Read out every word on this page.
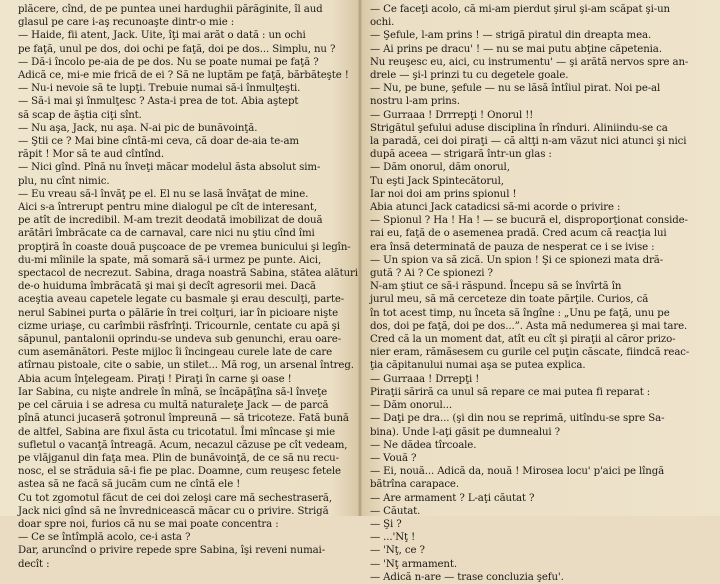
plăcere, cînd, de pe puntea unei hardughii părăginite, îl aud

glasul pe care i-aş recunoaşte dintr-o mie :

— Haide, fii atent, Jack. Uite, îţi mai arăt o dată : un ochi

pe faţă, unul pe dos, doi ochi pe faţă, doi pe dos... Simplu, nu ?

— Dă-i încolo pe-aia de pe dos. Nu se poate numai pe faţă ?

Adică ce, mi-e mie frică de ei ? Să ne luptăm pe faţă, bărbăteşte !

— Nu-i nevoie să te lupţi. Trebuie numai să-i înmulţeşti.

— Să-i mai şi înmulţesc ? Asta-i prea de tot. Abia aştept

să scap de ăştia ciţi sînt.

— Nu aşa, Jack, nu aşa. N-ai pic de bunăvoinţă.

— Ştii ce ? Mai bine cîntă-mi ceva, că doar de-aia te-am

răpit ! Mor să te aud cîntînd.

— Nici gînd. Pînă nu înveţi măcar modelul ăsta absolut sim-

plu, nu cînt nimic.

— Eu vreau să-l învăţ pe el. El nu se lasă învăţat de mine.

Aici s-a întrerupt pentru mine dialogul pe cît de interesant,

pe atît de incredibil. M-am trezit deodată imobilizat de două

arătări îmbrăcate ca de carnaval, care nici nu ştiu cînd îmi

propţiră în coaste două puşcoace de pe vremea bunicului şi legîn-

du-mi mîinile la spate, mă somară să-i urmez pe punte. Aici,

spectacol de necrezut. Sabina, draga noastră Sabina, stătea alături

de-o huiduma îmbrăcată şi mai şi decît agresorii mei. Dacă

aceştia aveau capetele legate cu basmale şi erau desculţi, parte-

nerul Sabinei purta o pălărie în trei colţuri, iar în picioare nişte

cizme uriaşe, cu carîmbii răsfrînţi. Tricournle, centate cu apă şi

săpunul, pantalonii oprindu-se undeva sub genunchi, erau oare-

cum asemănători. Peste mijloc îi încingeau curele late de care

atîrnau pistoale, cite o sabie, un stilet... Mă rog, un arsenal întreg.

Abia acum înţelegeam. Piraţi ! Piraţi în carne şi oase !

Iar Sabina, cu nişte andrele în mînă, se încăpăţîna să-l înveţe

pe cel căruia i se adresa cu multă naturaleţe Jack — de parcă

pînă atunci jucaseră şotronul împreună — să tricoteze. Fată bună

de altfel, Sabina are fixul ăsta cu tricotatul. Îmi mîncase şi mie

sufletul o vacanţă întreagă. Acum, necazul căzuse pe cît vedeam,

pe vlăjganul din faţa mea. Plin de bunăvoinţă, de ce să nu recu-

nosc, el se străduia să-i fie pe plac. Doamne, cum reuşesc fetele

astea să ne facă să jucăm cum ne cîntă ele !

Cu tot zgomotul făcut de cei doi zeloşi care mă sechestraseră,

Jack nici gînd să ne învrednicească măcar cu o privire. Strigă

doar spre noi, furios că nu se mai poate concentra :

— Ce se întîmplă acolo, ce-i asta ?

Dar, aruncînd o privire repede spre Sabina, îşi reveni numai-

decît :

— Ce faceţi acolo, că mi-am pierdut şirul şi-am scăpat şi-un

ochi.

— Şefule, l-am prins ! — strigă piratul din dreapta mea.

— Ai prins pe dracu' ! — nu se mai putu abţine căpetenia.

Nu reuşesc eu, aici, cu instrumentu' — şi arătă nervos spre an-

drele — şi-l prinzi tu cu degetele goale.

— Nu, pe bune, şefule — nu se lăsă întîiul pirat. Noi pe-al

nostru l-am prins.

— Gurraaa ! Drrrepţi ! Onorul !!

Strigătul şefului aduse disciplina în rînduri. Aliniindu-se ca

la paradă, cei doi piraţi — că altţi n-am văzut nici atunci şi nici

după aceea — strigară într-un glas :

— Dăm onorul, dăm onorul,

Tu eşti Jack Spintecătorul,

Iar noi doi am prins spionul !

Abia atunci Jack catadicsi să-mi acorde o privire :

— Spionul ? Ha ! Ha ! — se bucură el, disproporţionat conside-

rai eu, faţă de o asemenea pradă. Cred acum că reacţia lui

era însă determinată de pauza de nesperat ce i se ivise :

— Un spion va să zică. Un spion ! Şi ce spionezi mata dră-

gută ? Ai ? Ce spionezi ?

N-am ştiut ce să-i răspund. Începu să se învîrtă în

jurul meu, să mă cerceteze din toate părţile. Curios, că

în tot acest timp, nu înceta să îngîne : „Unu pe faţă, unu pe

dos, doi pe faţă, doi pe dos...”. Asta mă nedumerea şi mai tare.

Cred că la un moment dat, atît eu cît şi piraţii al căror prizo-

nier eram, rămăsesem cu gurile cel puţin căscate, fiindcă reac-

ţia căpitanului numai aşa se putea explica.

— Gurraaa ! Drrepţi !

Piraţii săriră ca unul să repare ce mai putea fi reparat :

— Dăm onorul...

— Daţi pe dra... (şi din nou se reprimă, uitîndu-se spre Sa-

bina). Unde l-aţi găsit pe dumnealui ?

— Ne dădea tîrcoale.

— Vouă ?

— Ei, nouă... Adică da, nouă ! Mirosea locu' p'aici pe lîngă

bătrîna carapace.

— Are armament ? L-aţi căutat ?

— Căutat.

— Şi ?

— ...'Nţ !

— 'Nţ, ce ?

— 'Nţ armament.

— Adică n-are — trase concluzia şefu'.
